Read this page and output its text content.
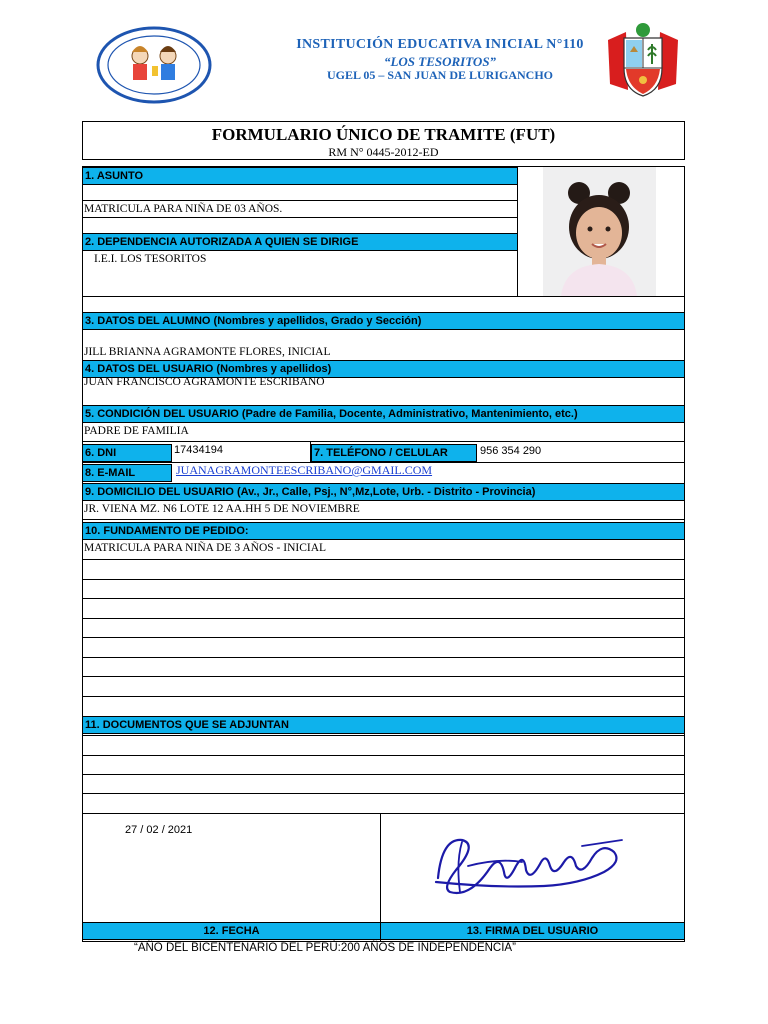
INSTITUCIÓN EDUCATIVA INICIAL N°110
“LOS TESORITOS”
UGEL 05 – SAN JUAN DE LURIGANCHO
FORMULARIO ÚNICO DE TRAMITE (FUT)
RM N° 0445-2012-ED
1. ASUNTO
MATRICULA PARA NIÑA DE 03 AÑOS.
2. DEPENDENCIA AUTORIZADA A QUIEN SE DIRIGE
I.E.I. LOS TESORITOS
3. DATOS DEL ALUMNO (Nombres y apellidos, Grado y Sección)
JILL BRIANNA AGRAMONTE FLORES, INICIAL
4. DATOS DEL USUARIO (Nombres y apellidos)
JUAN FRANCISCO AGRAMONTE ESCRIBANO
5. CONDICIÓN DEL USUARIO (Padre de Familia, Docente, Administrativo, Mantenimiento, etc.)
PADRE DE FAMILIA
6. DNI	17434194	7. TELÉFONO / CELULAR	956 354 290
8. E-MAIL	JUANAGRAMONTEESCRIBANO@GMAIL.COM
9. DOMICILIO DEL USUARIO (Av., Jr., Calle, Psj., N°,Mz,Lote, Urb. - Distrito - Provincia)
JR. VIENA MZ. N6 LOTE 12 AA.HH 5 DE NOVIEMBRE
10. FUNDAMENTO DE PEDIDO:
MATRICULA PARA NIÑA DE 3 AÑOS - INICIAL
11. DOCUMENTOS QUE SE ADJUNTAN
27 / 02 / 2021
12. FECHA	13. FIRMA DEL USUARIO
“AÑO DEL BICENTENARIO DEL PERÚ:200 AÑOS DE INDEPENDENCIA”
